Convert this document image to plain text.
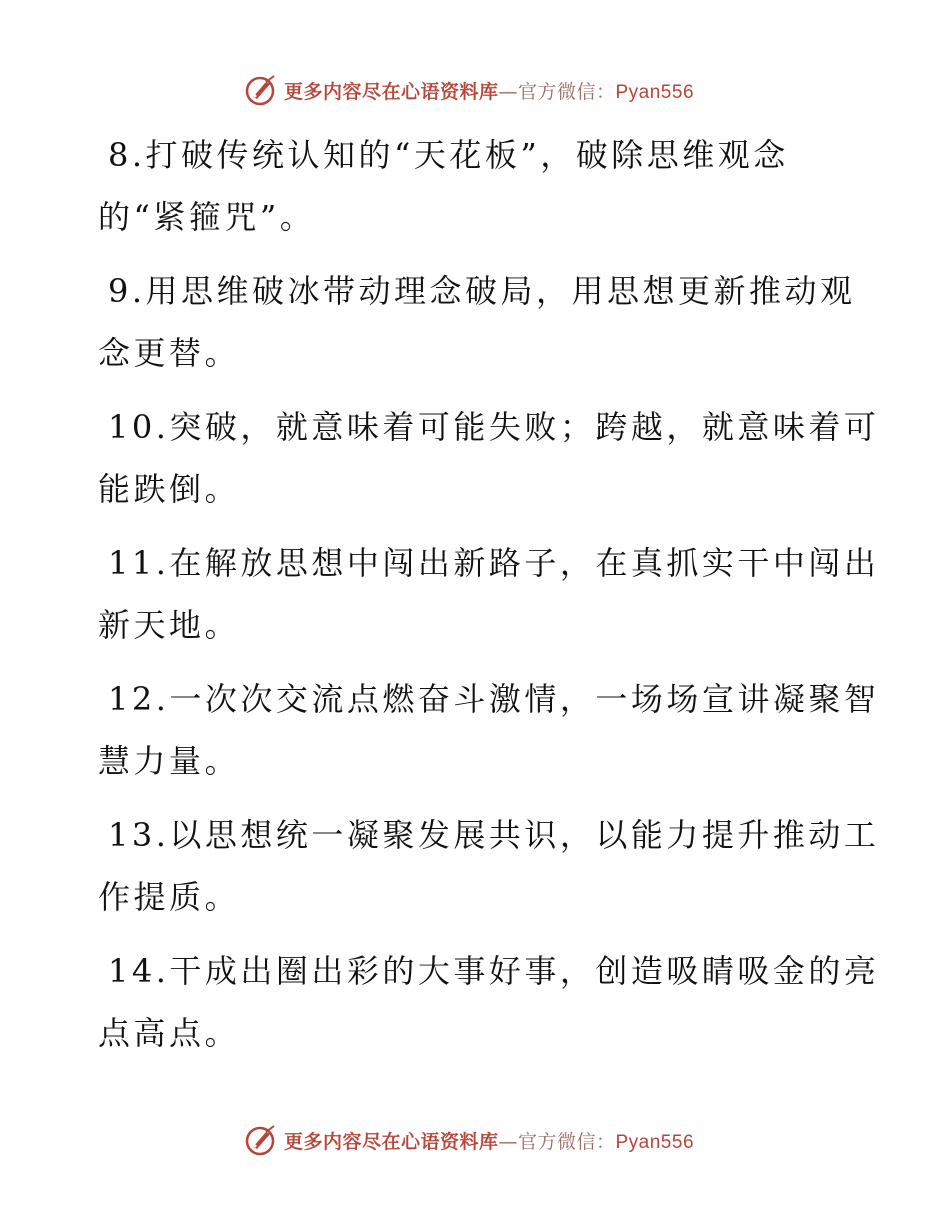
更多内容尽在心语资料库—官方微信：Pyan556
8.打破传统认知的“天花板”，破除思维观念
的“紧箍咒”。
9.用思维破冰带动理念破局，用思想更新推动观
念更替。
10.突破，就意味着可能失败；跨越，就意味着可
能跌倒。
11.在解放思想中闯出新路子，在真抓实干中闯出
新天地。
12.一次次交流点燃奋斗激情，一场场宣讲凝聚智
慧力量。
13.以思想统一凝聚发展共识，以能力提升推动工
作提质。
14.干成出圈出彩的大事好事，创造吸睛吸金的亮
点高点。
更多内容尽在心语资料库—官方微信：Pyan556
